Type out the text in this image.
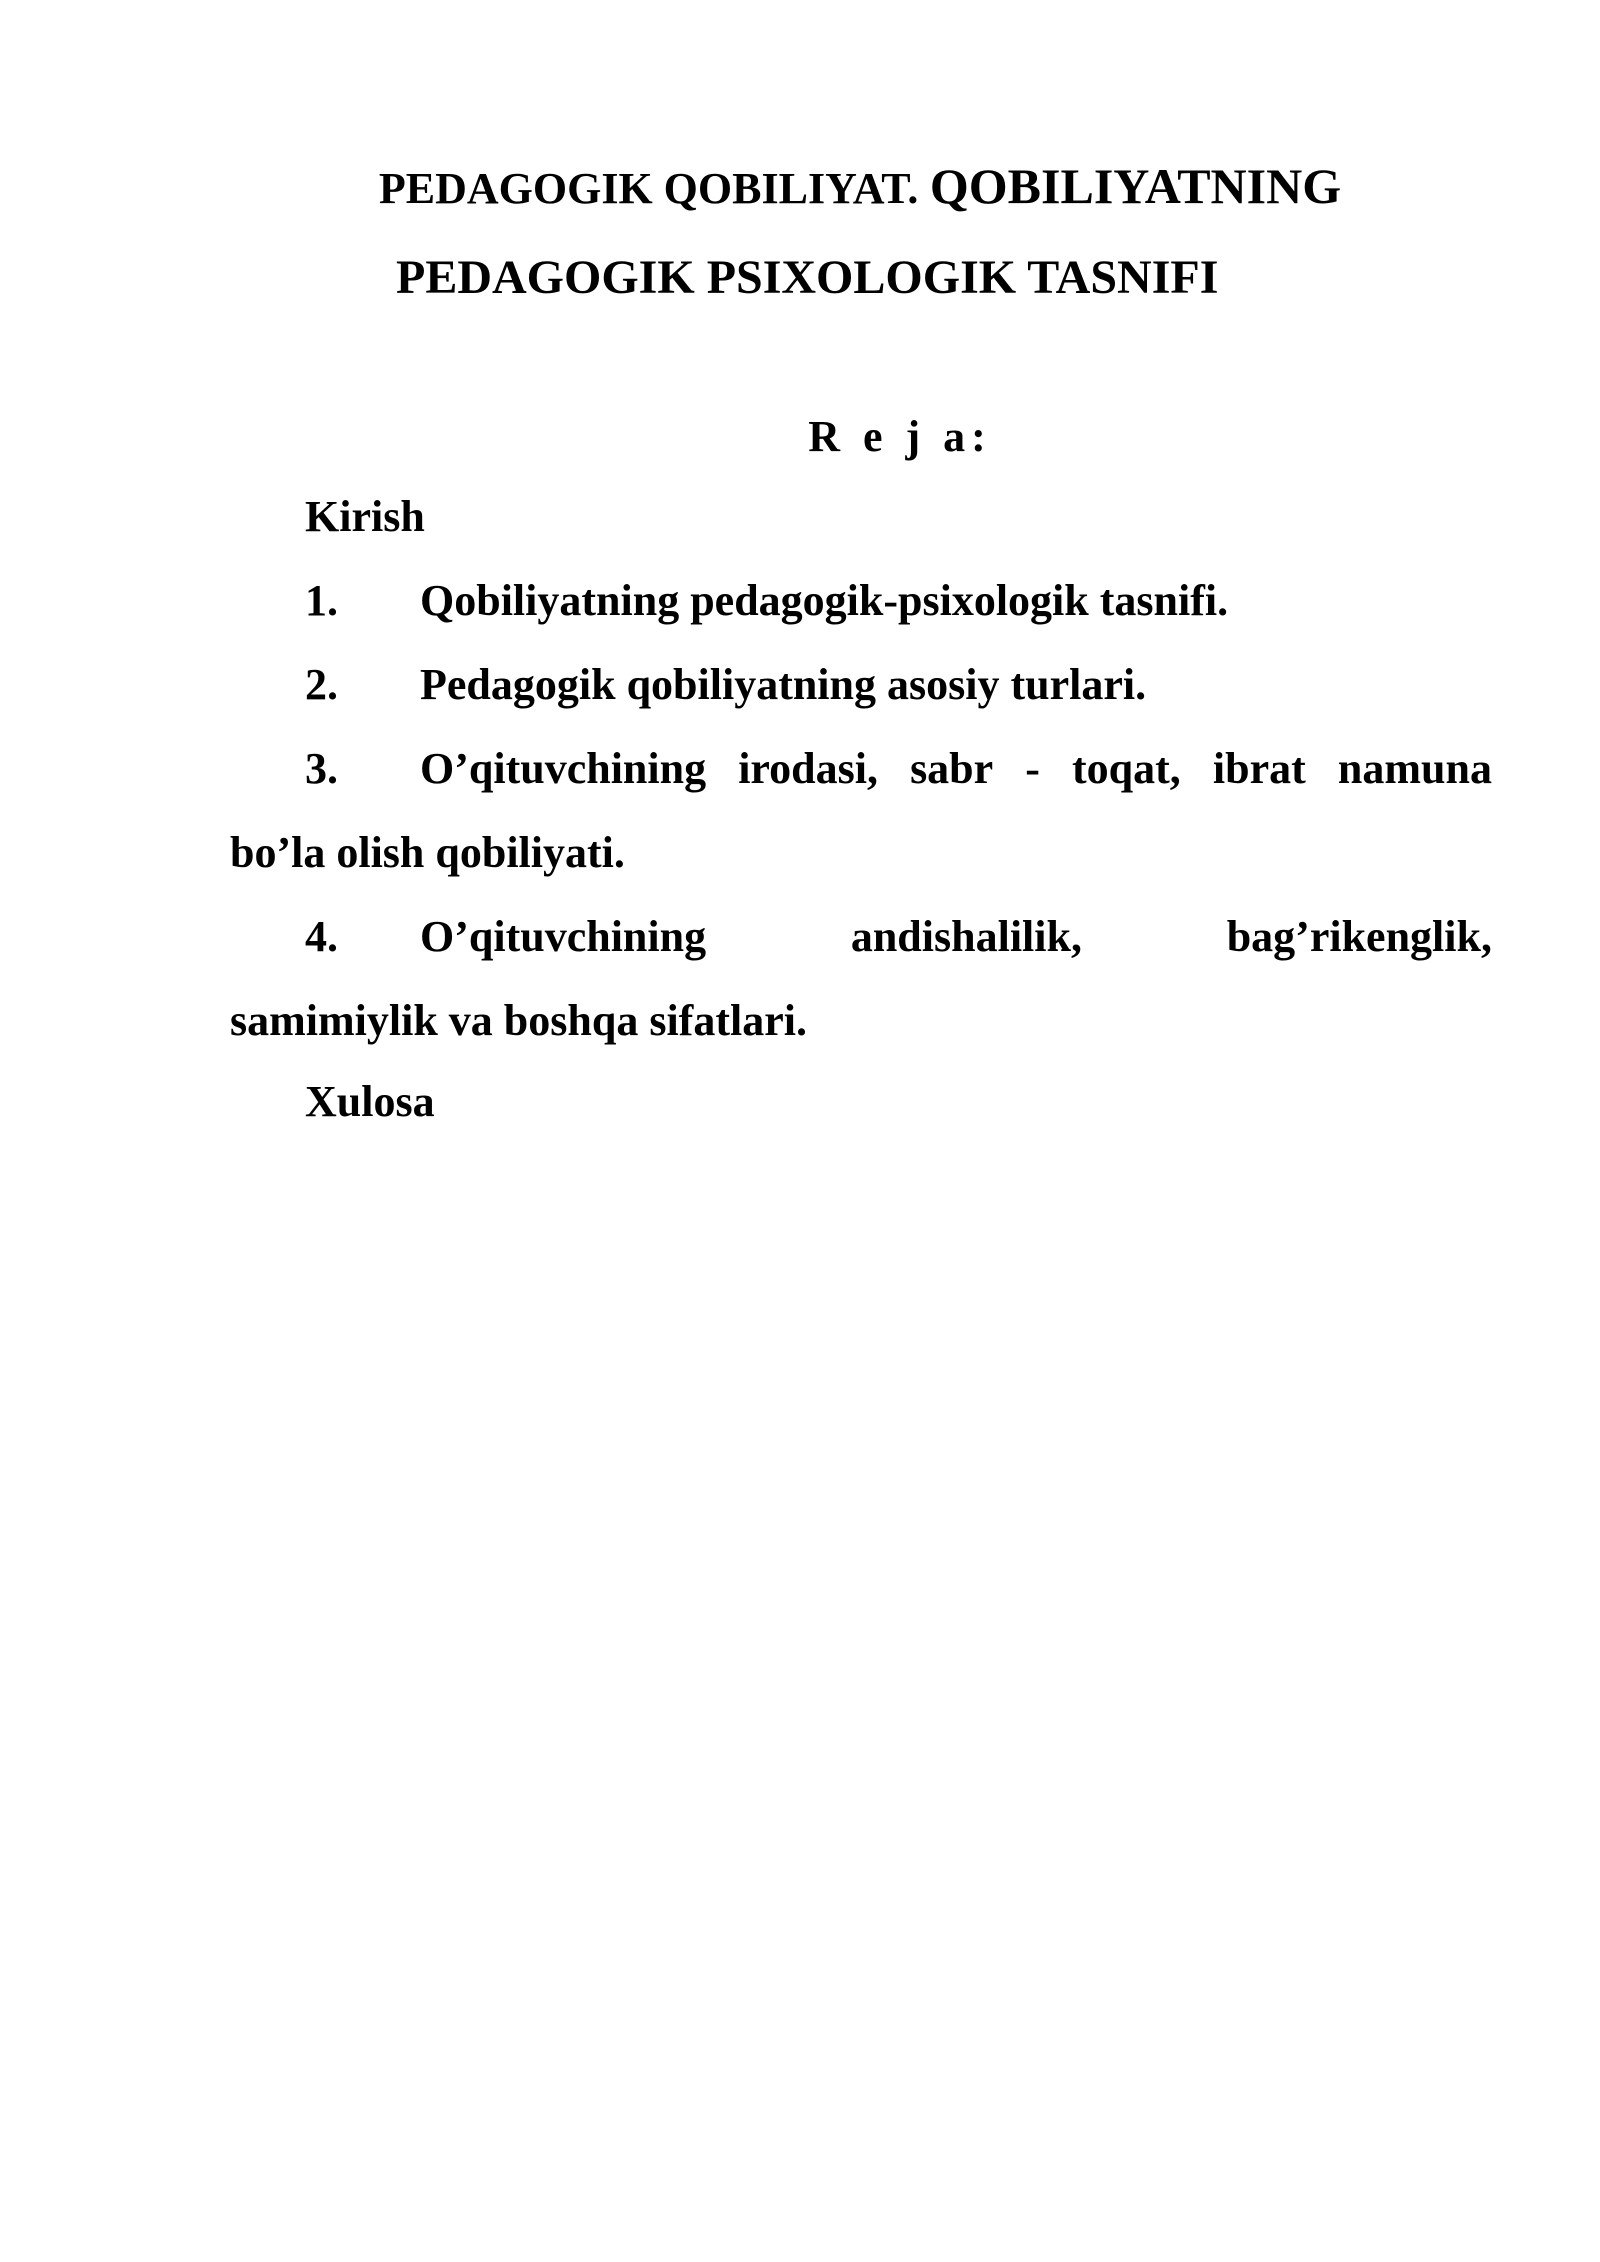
PEDAGOGIK QOBILIYAT. QOBILIYATNING
PEDAGOGIK PSIXOLOGIK TASNIFI
R e j a:
Kirish
1. Qobiliyatning pedagogik-psixologik tasnifi.
2. Pedagogik qobiliyatning asosiy turlari.
3. O’qituvchining irodasi, sabr - toqat, ibrat namuna
bo’la olish qobiliyati.
4. O’qituvchining	andishalilik,	bag’rikenglik,
samimiylik va boshqa sifatlari.
Xulosa
